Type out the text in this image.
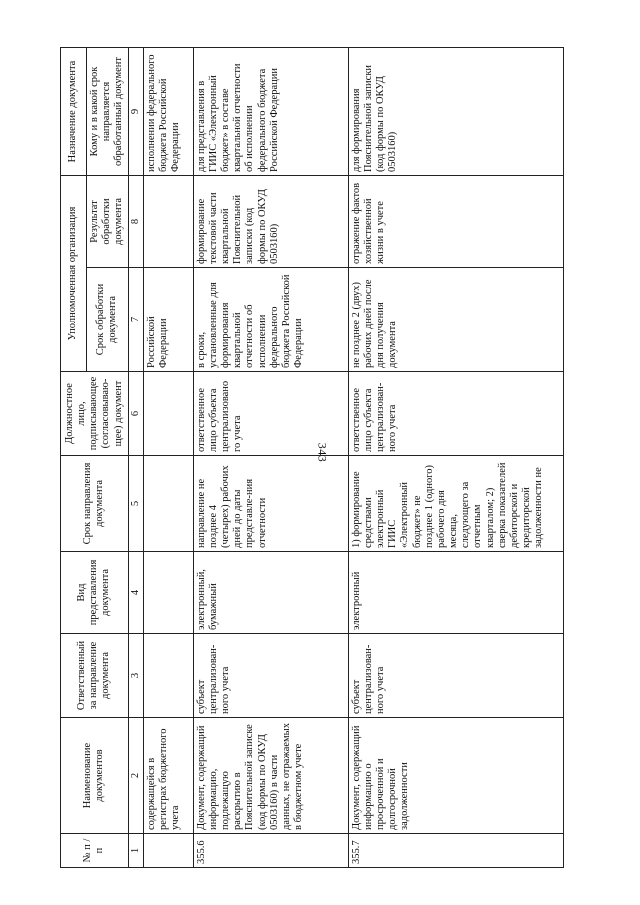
343
№ п / п	Наименование документов	Ответственный за направление документа	Вид представления документа	Срок направления документа	Должностное лицо, подписывающее (согласовываю-щее) документ	Уполномоченная организация		Назначение документа
						Срок обработки документа	Результат обработки документа	Кому и в какой срок направляется обработанный документ
1	2	3	4	5	6	7	8	9
	содержащейся в регистрах бюджетного учета					Российской Федерации		исполнении федерального бюджета Российской Федерации
355.6	Документ, содержащий информацию, подлежащую раскрытию в Пояснительной записке (код формы по ОКУД 0503160) в части данных, не отражаемых в бюджетном учете	субъект централизован-ного учета	электронный, бумажный	направление не позднее 4 (четырех) рабочих дней до даты представле-ния отчетности	ответственное лицо субъекта централизовано го учета	в сроки, установленные для формирования квартальной отчетности об исполнении федерального бюджета Российской Федерации	формирование текстовой части квартальной Пояснительной записки (код формы по ОКУД 0503160)	для представления в ГИИС «Электронный бюджет» в составе квартальной отчетности об исполнении федерального бюджета Российской Федерации
355.7	Документ, содержащий информацию о просроченной и долгосрочной задолженности	субъект централизован-ного учета	электронный	1) формирование средствами электронный ГИИС «Электронный бюджет» не позднее 1 (одного) рабочего дня месяца, следующего за отчетным кварталом; 2) сверка показателей дебиторской и кредиторской задолженности не	ответственное лицо субъекта централизован-ного учета	не позднее 2 (двух) рабочих дней после дня получения документа	отражение фактов хозяйственной жизни в учете	для формирования Пояснительной записки (код формы по ОКУД 0503160)
